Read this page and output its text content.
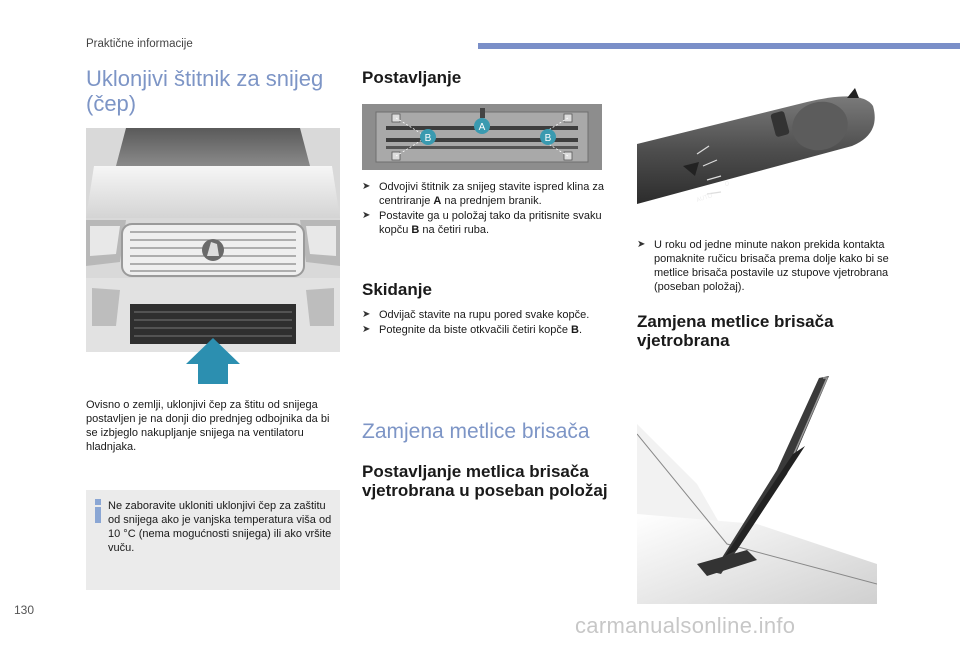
Praktične informacije
Uklonjivi štitnik za snijeg (čep)
Ovisno o zemlji, uklonjivi čep za štitu od snijega postavljen je na donji dio prednjeg odbojnika da bi se izbjeglo nakupljanje snijega na ventilatoru hladnjaka.
Ne zaboravite ukloniti uklonjivi čep za zaštitu od snijega ako je vanjska temperatura viša od 10 °C (nema mogućnosti snijega) ili ako vršite vuču.
Postavljanje
B
A
B
➤ Odvojivi štitnik za snijeg stavite ispred klina za centriranje A na prednjem branik.
➤ Postavite ga u položaj tako da pritisnite svaku kopču B na četiri ruba.
Skidanje
➤ Odvijač stavite na rupu pored svake kopče.
➤ Potegnite da biste otkvačili četiri kopče B.
Zamjena metlice brisača
Postavljanje metlica brisača vjetrobrana u poseban položaj
0
AUTO
➤ U roku od jedne minute nakon prekida kontakta pomaknite ručicu brisača prema dolje kako bi se metlice brisača postavile uz stupove vjetrobrana (poseban položaj).
Zamjena metlice brisača vjetrobrana
130
carmanualsonline.info
